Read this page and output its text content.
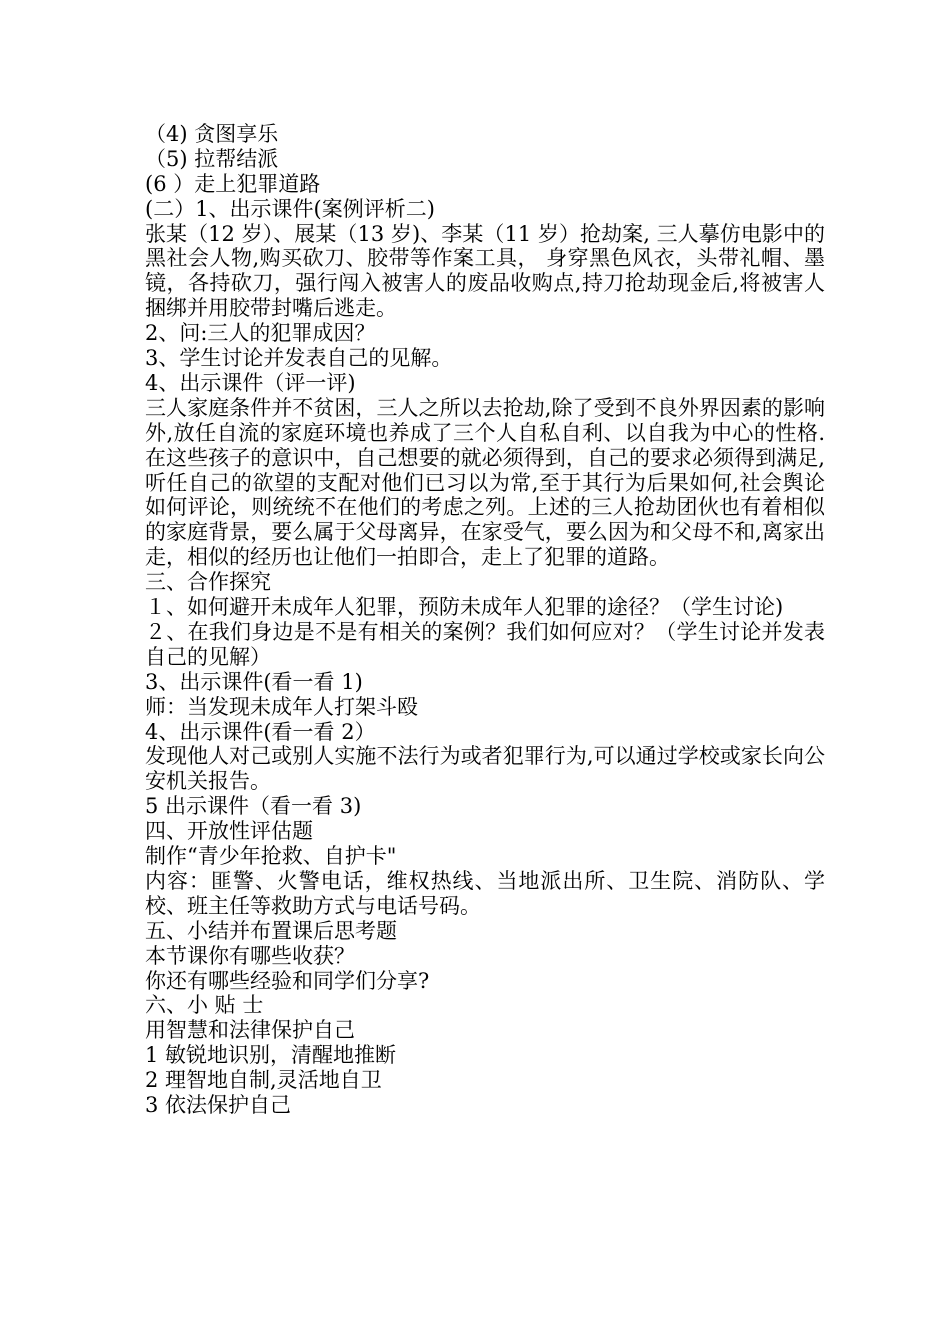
（4) 贪图享乐

（5) 拉帮结派

(6 ）走上犯罪道路

(二）1、出示课件(案例评析二)

张某（12 岁）、展某（13 岁)、李某（11 岁）抢劫案, 三人摹仿电影中的黑社会人物,购买砍刀、胶带等作案工具， 身穿黑色风衣，头带礼帽、墨镜，各持砍刀，强行闯入被害人的废品收购点,持刀抢劫现金后,将被害人捆绑并用胶带封嘴后逃走。

2、问:三人的犯罪成因？

3、学生讨论并发表自己的见解。

4、出示课件（评一评)

三人家庭条件并不贫困，三人之所以去抢劫,除了受到不良外界因素的影响外,放任自流的家庭环境也养成了三个人自私自利、以自我为中心的性格.在这些孩子的意识中，自己想要的就必须得到，自己的要求必须得到满足,听任自己的欲望的支配对他们已习以为常,至于其行为后果如何,社会舆论如何评论，则统统不在他们的考虑之列。上述的三人抢劫团伙也有着相似的家庭背景，要么属于父母离异，在家受气，要么因为和父母不和,离家出走，相似的经历也让他们一拍即合，走上了犯罪的道路。

三、合作探究

１、如何避开未成年人犯罪，预防未成年人犯罪的途径？（学生讨论)

２、在我们身边是不是有相关的案例？我们如何应对？（学生讨论并发表自己的见解）

3、出示课件(看一看 1)

师：当发现未成年人打架斗殴

4、出示课件(看一看 2）

发现他人对己或别人实施不法行为或者犯罪行为,可以通过学校或家长向公安机关报告。

5 出示课件（看一看 3)

四、开放性评估题

制作“青少年抢救、自护卡"

内容：匪警、火警电话，维权热线、当地派出所、卫生院、消防队、学校、班主任等救助方式与电话号码。

五、小结并布置课后思考题

本节课你有哪些收获？

你还有哪些经验和同学们分享?

六、小 贴 士

用智慧和法律保护自己

1 敏锐地识别，清醒地推断

2 理智地自制,灵活地自卫

3 依法保护自己
